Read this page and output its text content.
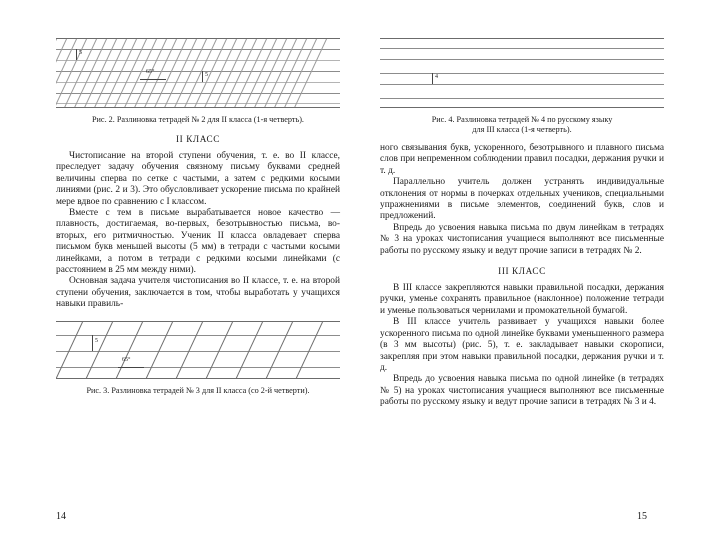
5
65°	5
Рис. 2. Разлиновка тетрадей № 2 для II класса (1-я четверть).
II КЛАСС

Чистописание на второй ступени обучения, т. е. во II классе, преследует задачу обучения связному письму буквами средней величины сперва по сетке с частыми, а затем с редкими косыми линиями (рис. 2 и 3). Это обусловливает ускорение письма по крайней мере вдвое по сравнению с I классом.

Вместе с тем в письме вырабатывается новое качество — плавность, достигаемая, во-первых, безотрывностью письма, во-вторых, его ритмичностью. Ученик II класса овладевает сперва письмом букв меньшей высоты (5 мм) в тетради с частыми косыми линейками, а потом в тетради с редкими косыми линейками (с расстоянием в 25 мм между ними).

Основная задача учителя чистописания во II классе, т. е. на второй ступени обучения, заключается в том, чтобы выработать у учащихся навыки правиль-

5
65°
Рис. 3. Разлиновка тетрадей № 3 для II класса (со 2-й четверти).
4
Рис. 4. Разлиновка тетрадей № 4 по русскому языку
для III класса (1-я четверть).

ного связывания букв, ускоренного, безотрывного и плавного письма слов при непременном соблюдении правил посадки, держания ручки и т. д.

Параллельно учитель должен устранять индивидуальные отклонения от нормы в почерках отдельных учеников, специальными упражнениями в письме элементов, соединений букв, слов и предложений.

Впредь до усвоения навыка письма по двум линейкам в тетрадях № 3 на уроках чистописания учащиеся выполняют все письменные работы по русскому языку и ведут прочие записи в тетрадях № 2.

III КЛАСС

В III классе закрепляются навыки правильной посадки, держания ручки, уменье сохранять правильное (наклонное) положение тетради и уменье пользоваться чернилами и промокательной бумагой.

В III классе учитель развивает у учащихся навыки более ускоренного письма по одной линейке буквами уменьшенного размера (в 3 мм высоты) (рис. 5), т. е. закладывает навыки скорописи, закрепляя при этом навыки правильной посадки, держания ручки и т. д.

Впредь до усвоения навыка письма по одной линейке (в тетрадях № 5) на уроках чистописания учащиеся выполняют все письменные работы по русскому языку и ведут прочие записи в тетрадях № 3 и 4.

14	15
